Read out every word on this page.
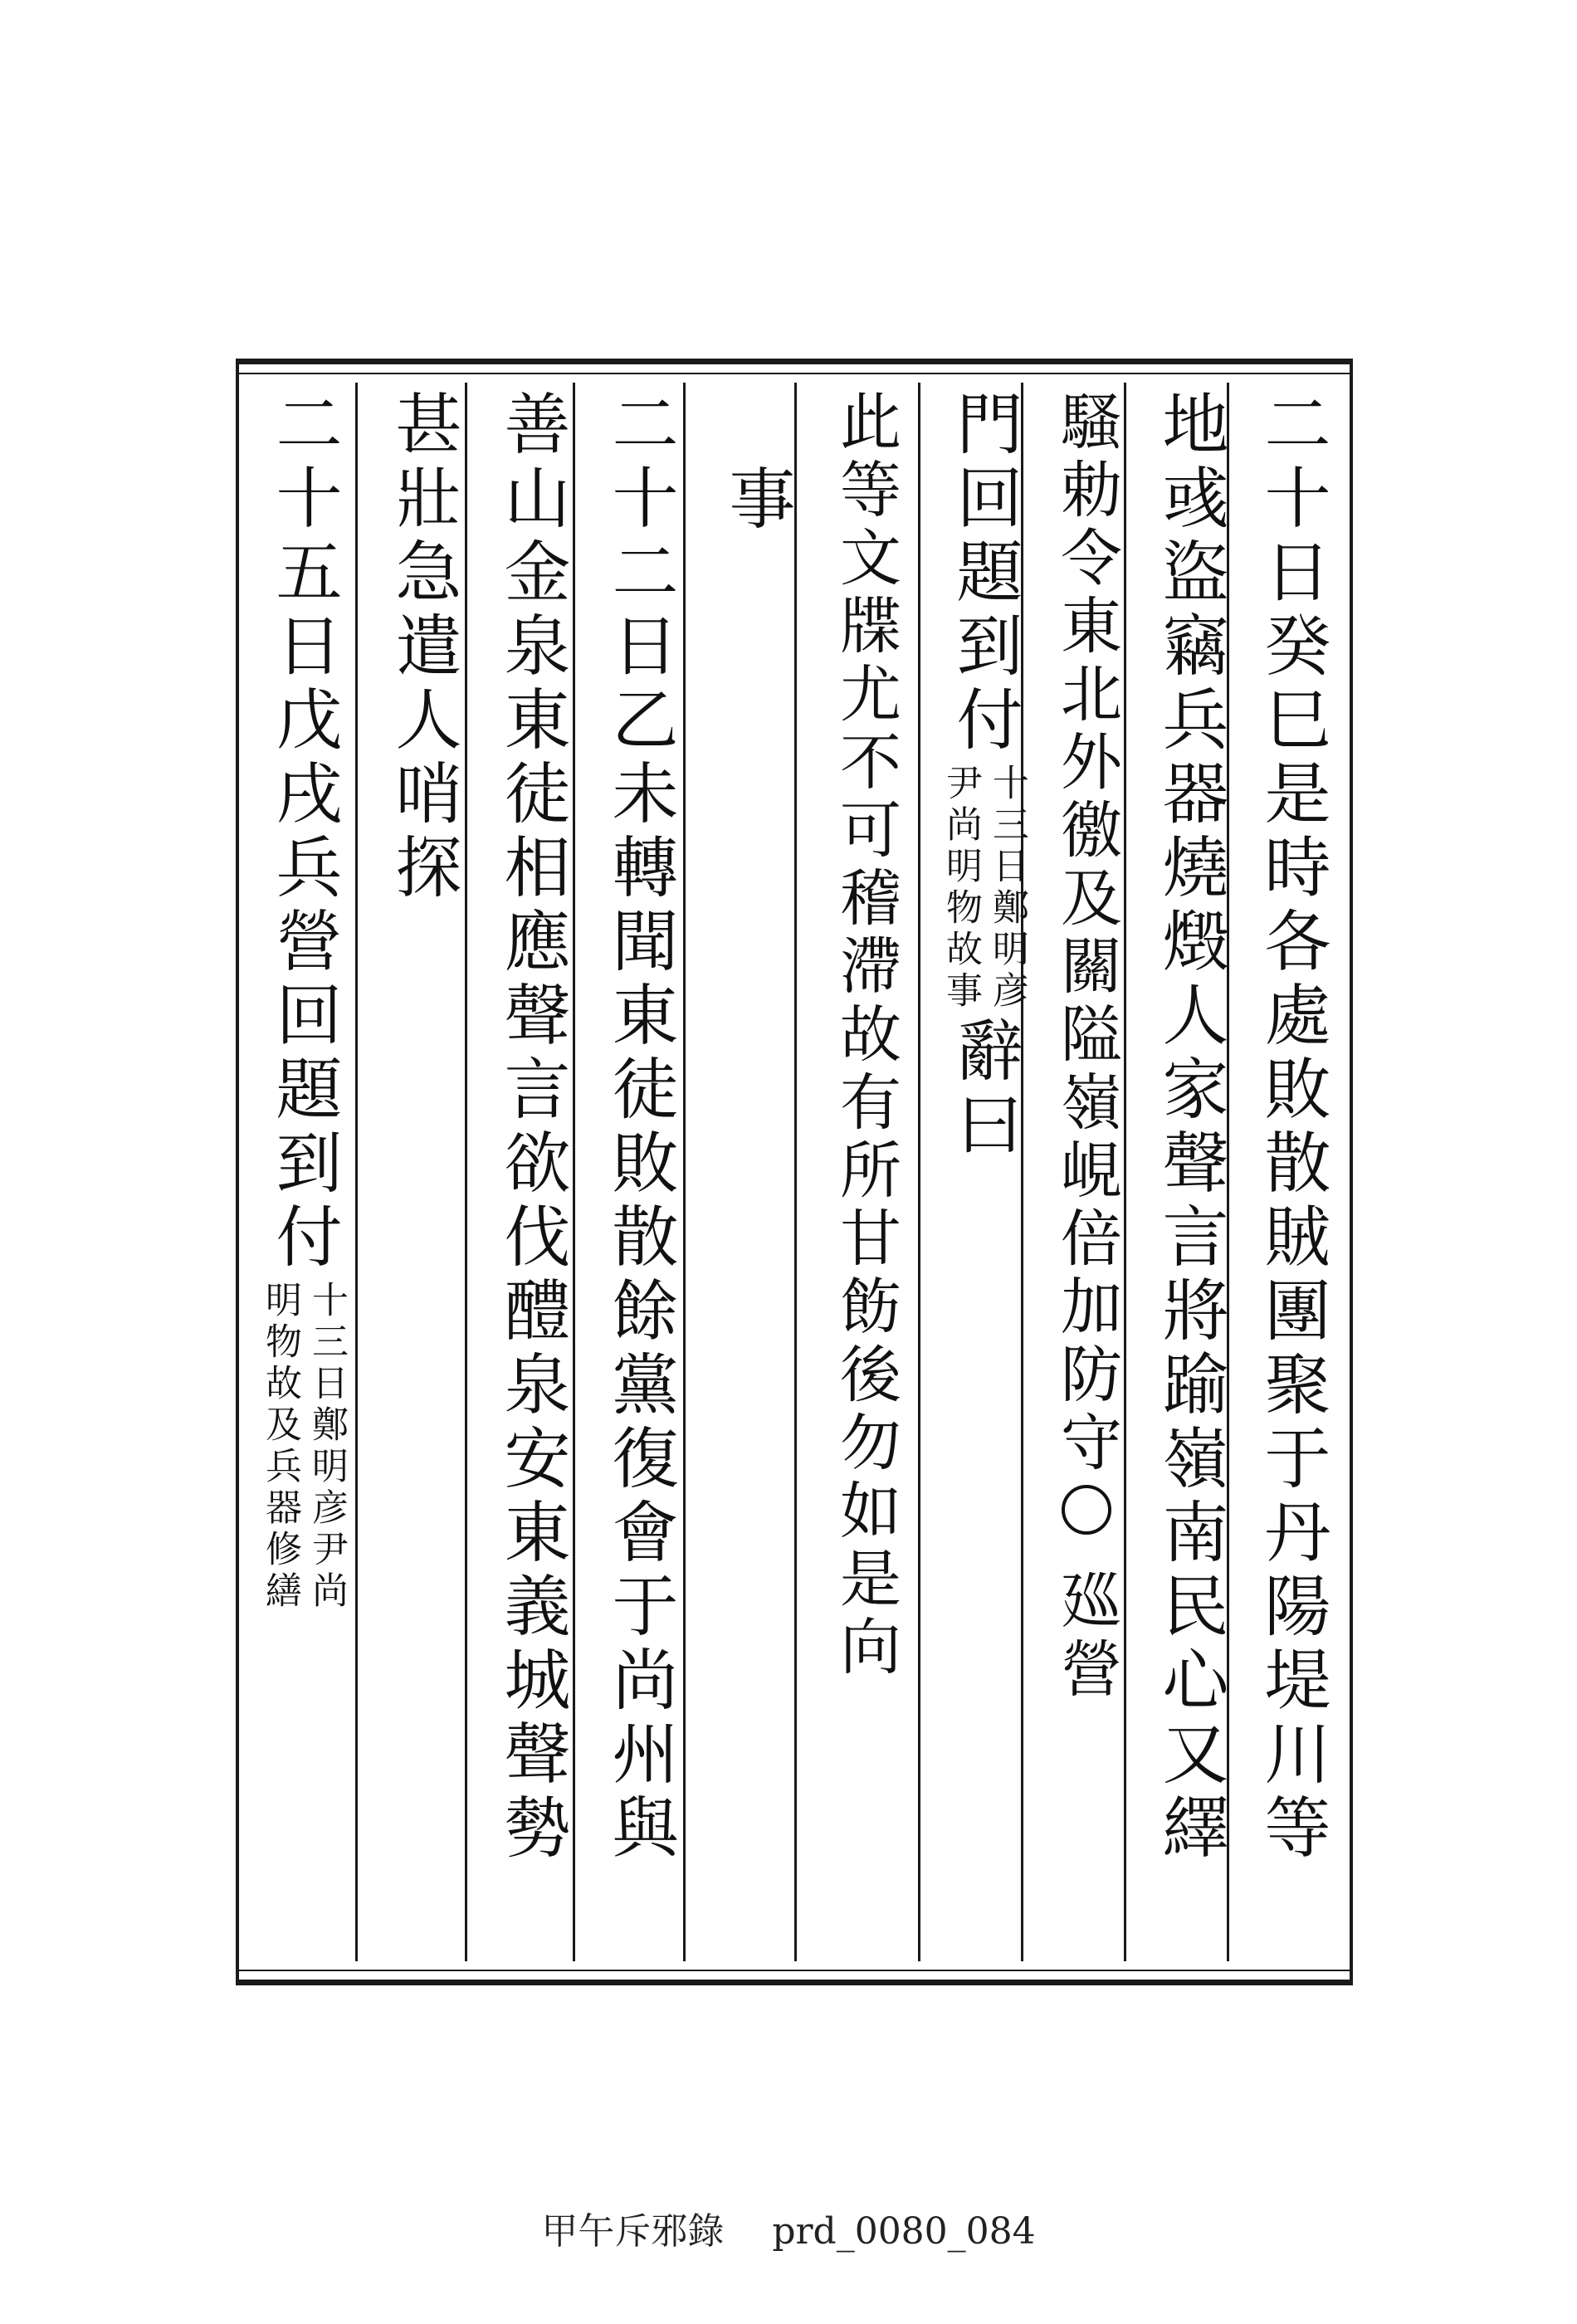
二十日癸巳是時各處敗散賊團聚于丹陽堤川等
地彧盜竊兵器燒燬人家聲言將踰嶺南民心又繹
騷勅令東北外徼及關隘嶺峴倍加防守
廵營
門回題到付
十三日鄭明彦
尹尚明物故事
辭曰
此等文牒尤不可稽滯故有所甘飭後勿如是向
事
二十二日乙未轉聞東徒敗散餘黨復會于尚州與
善山金泉東徒相應聲言欲伐醴泉安東義城聲勢
甚壯急遣人哨探
二十五日戊戌兵營回題到付
十三日鄭明彦尹尚
明物故及兵器修繕
甲午斥邪錄 prd_0080_084
